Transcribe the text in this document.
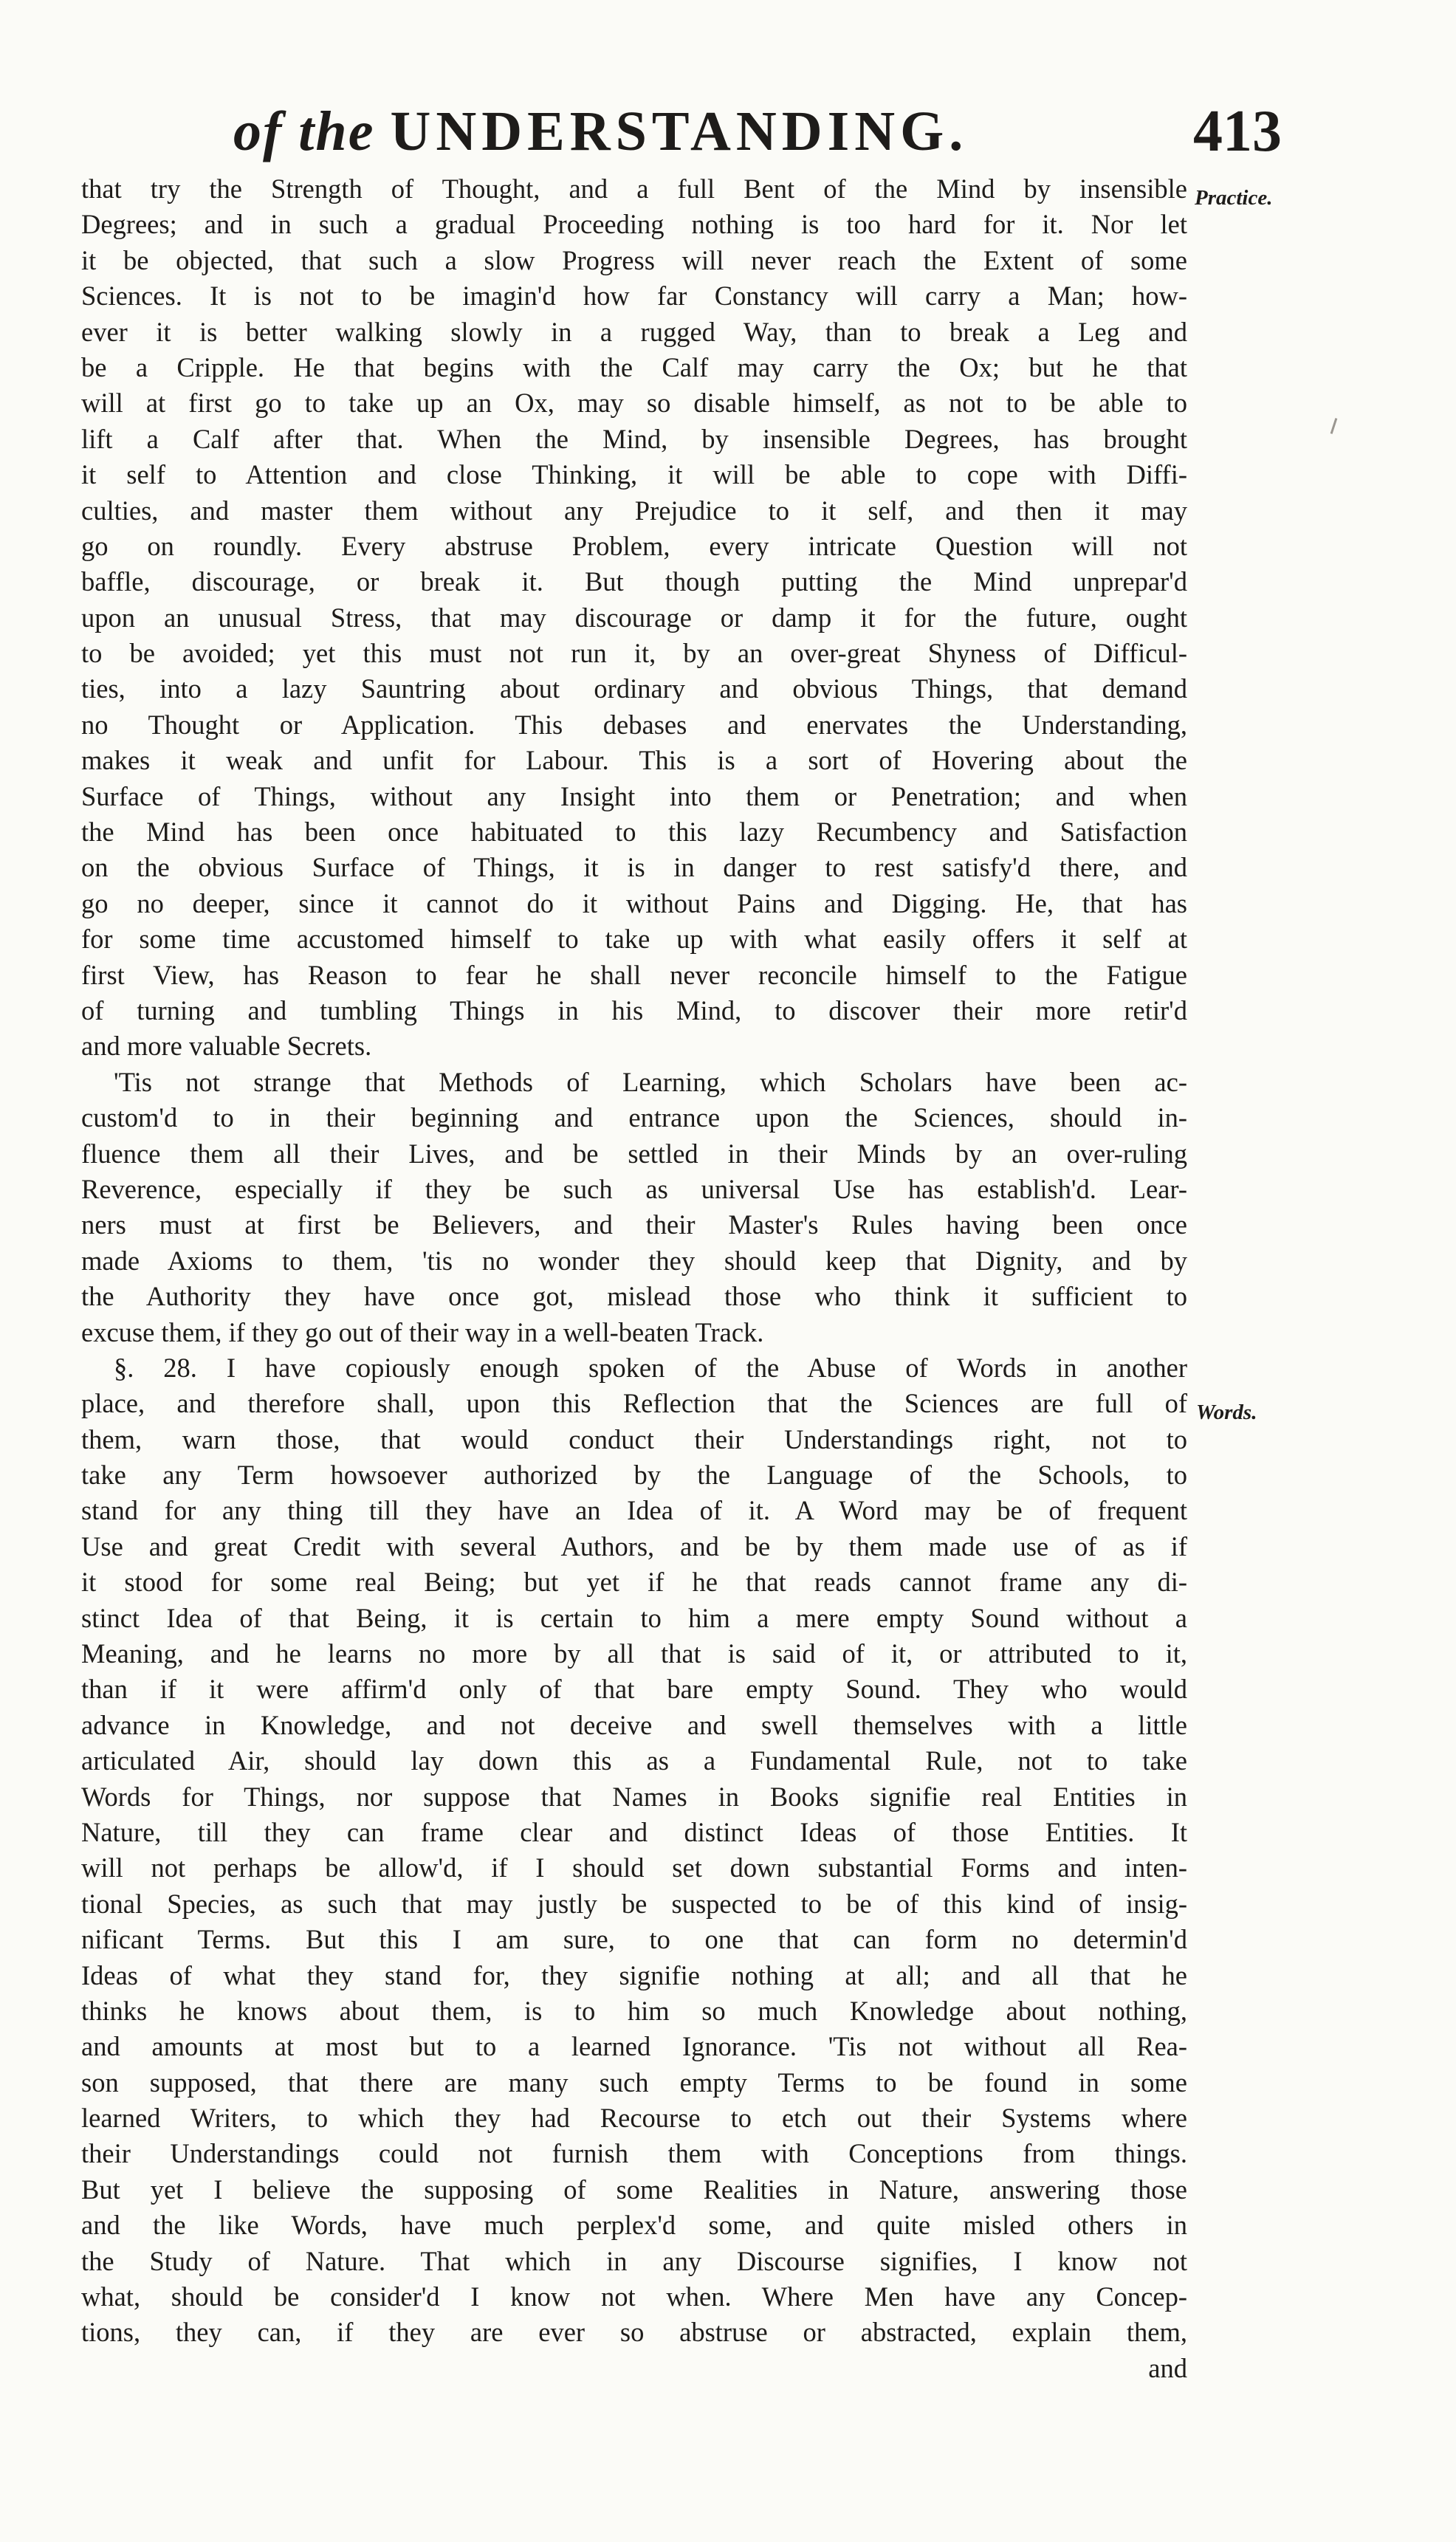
of the UNDERSTANDING.	413
Practice.
Words.
that try the Strength of Thought, and a full Bent of the Mind by insensible
Degrees; and in such a gradual Proceeding nothing is too hard for it. Nor let
it be objected, that such a slow Progress will never reach the Extent of some
Sciences. It is not to be imagin'd how far Constancy will carry a Man; how-
ever it is better walking slowly in a rugged Way, than to break a Leg and
be a Cripple. He that begins with the Calf may carry the Ox; but he that
will at first go to take up an Ox, may so disable himself, as not to be able to
lift a Calf after that. When the Mind, by insensible Degrees, has brought
it self to Attention and close Thinking, it will be able to cope with Diffi-
culties, and master them without any Prejudice to it self, and then it may
go on roundly. Every abstruse Problem, every intricate Question will not
baffle, discourage, or break it. But though putting the Mind unprepar'd
upon an unusual Stress, that may discourage or damp it for the future, ought
to be avoided; yet this must not run it, by an over-great Shyness of Difficul-
ties, into a lazy Sauntring about ordinary and obvious Things, that demand
no Thought or Application. This debases and enervates the Understanding,
makes it weak and unfit for Labour. This is a sort of Hovering about the
Surface of Things, without any Insight into them or Penetration; and when
the Mind has been once habituated to this lazy Recumbency and Satisfaction
on the obvious Surface of Things, it is in danger to rest satisfy'd there, and
go no deeper, since it cannot do it without Pains and Digging. He, that has
for some time accustomed himself to take up with what easily offers it self at
first View, has Reason to fear he shall never reconcile himself to the Fatigue
of turning and tumbling Things in his Mind, to discover their more retir'd
and more valuable Secrets.
'Tis not strange that Methods of Learning, which Scholars have been ac-
custom'd to in their beginning and entrance upon the Sciences, should in-
fluence them all their Lives, and be settled in their Minds by an over-ruling
Reverence, especially if they be such as universal Use has establish'd. Lear-
ners must at first be Believers, and their Master's Rules having been once
made Axioms to them, 'tis no wonder they should keep that Dignity, and by
the Authority they have once got, mislead those who think it sufficient to
excuse them, if they go out of their way in a well-beaten Track.
§. 28. I have copiously enough spoken of the Abuse of Words in another
place, and therefore shall, upon this Reflection that the Sciences are full of
them, warn those, that would conduct their Understandings right, not to
take any Term howsoever authorized by the Language of the Schools, to
stand for any thing till they have an Idea of it. A Word may be of frequent
Use and great Credit with several Authors, and be by them made use of as if
it stood for some real Being; but yet if he that reads cannot frame any di-
stinct Idea of that Being, it is certain to him a mere empty Sound without a
Meaning, and he learns no more by all that is said of it, or attributed to it,
than if it were affirm'd only of that bare empty Sound. They who would
advance in Knowledge, and not deceive and swell themselves with a little
articulated Air, should lay down this as a Fundamental Rule, not to take
Words for Things, nor suppose that Names in Books signifie real Entities in
Nature, till they can frame clear and distinct Ideas of those Entities. It
will not perhaps be allow'd, if I should set down substantial Forms and inten-
tional Species, as such that may justly be suspected to be of this kind of insig-
nificant Terms. But this I am sure, to one that can form no determin'd
Ideas of what they stand for, they signifie nothing at all; and all that he
thinks he knows about them, is to him so much Knowledge about nothing,
and amounts at most but to a learned Ignorance. 'Tis not without all Rea-
son supposed, that there are many such empty Terms to be found in some
learned Writers, to which they had Recourse to etch out their Systems where
their Understandings could not furnish them with Conceptions from things.
But yet I believe the supposing of some Realities in Nature, answering those
and the like Words, have much perplex'd some, and quite misled others in
the Study of Nature. That which in any Discourse signifies, I know not
what, should be consider'd I know not when. Where Men have any Concep-
tions, they can, if they are ever so abstruse or abstracted, explain them,
and
